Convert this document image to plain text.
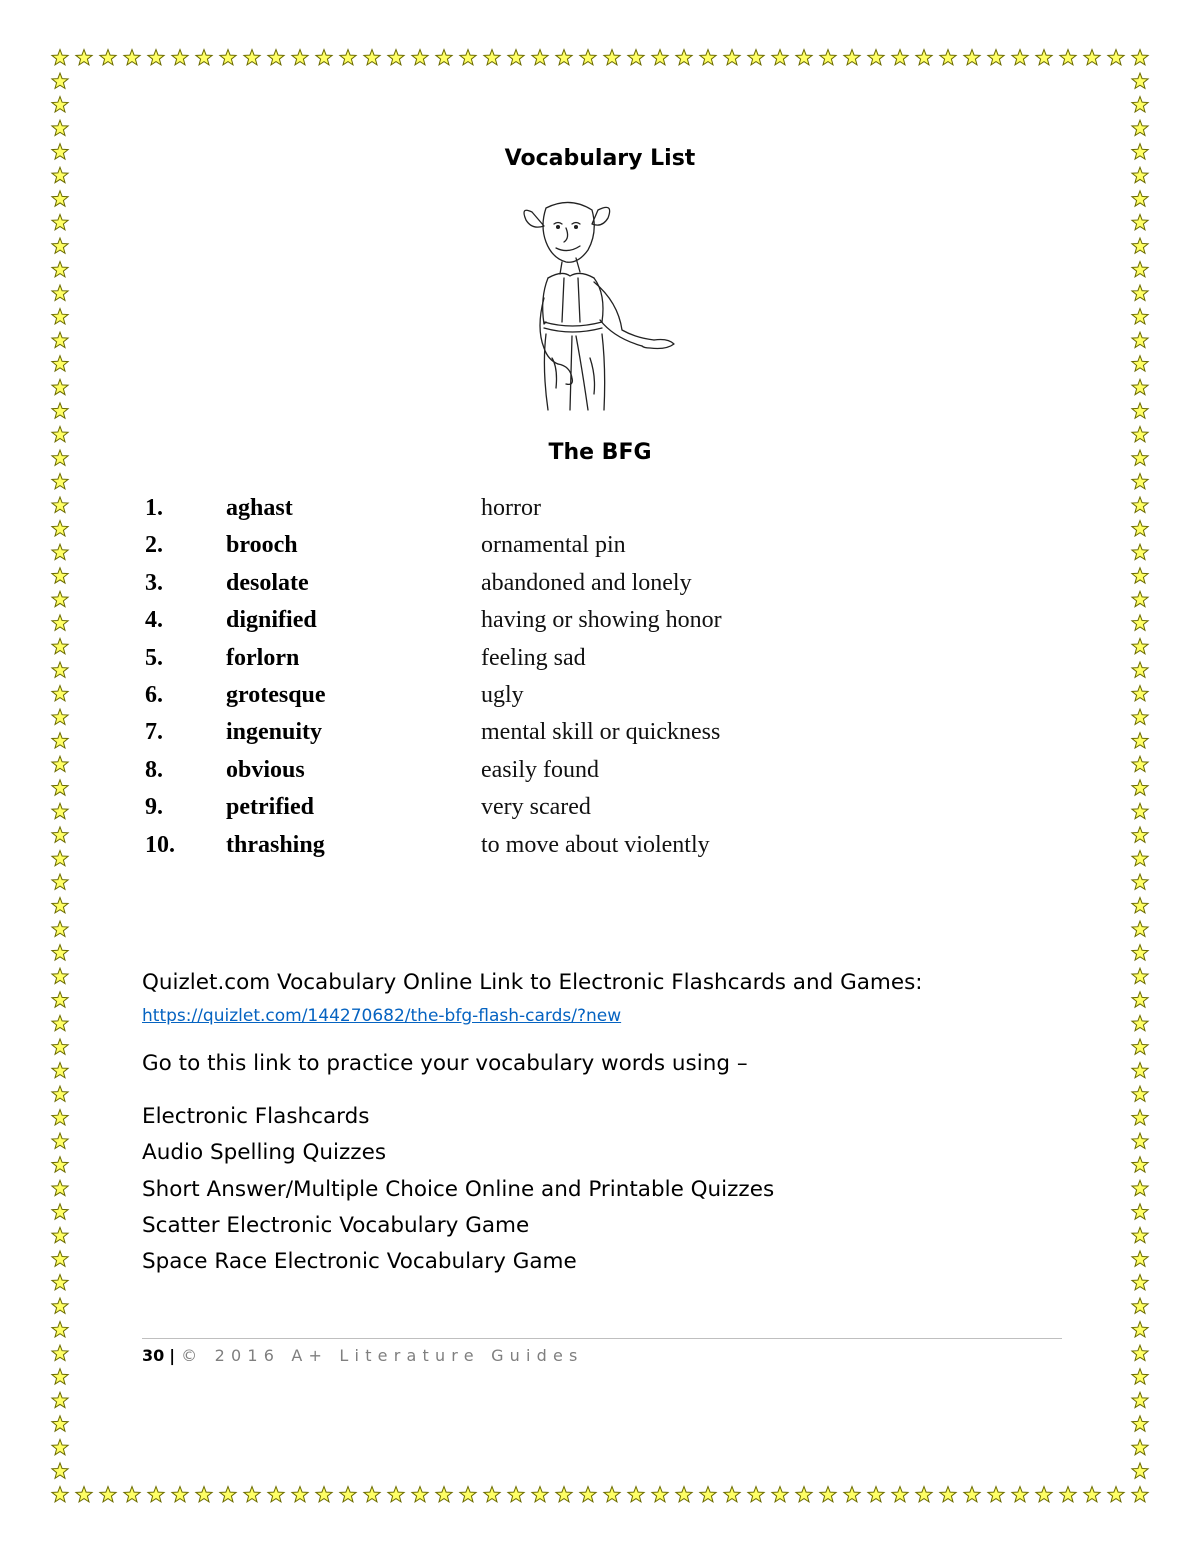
Vocabulary List
The BFG
1.	aghast	horror
2.	brooch	ornamental pin
3.	desolate	abandoned and lonely
4.	dignified	having or showing honor
5.	forlorn	feeling sad
6.	grotesque	ugly
7.	ingenuity	mental skill or quickness
8.	obvious	easily found
9.	petrified	very scared
10. thrashing	to move about violently
Quizlet.com Vocabulary Online Link to Electronic Flashcards and Games:
https://quizlet.com/144270682/the-bfg-flash-cards/?new
Go to this link to practice your vocabulary words using –
Electronic Flashcards
Audio Spelling Quizzes
Short Answer/Multiple Choice Online and Printable Quizzes
Scatter Electronic Vocabulary Game
Space Race Electronic Vocabulary Game
30 | © 2016 A+ Literature Guides
